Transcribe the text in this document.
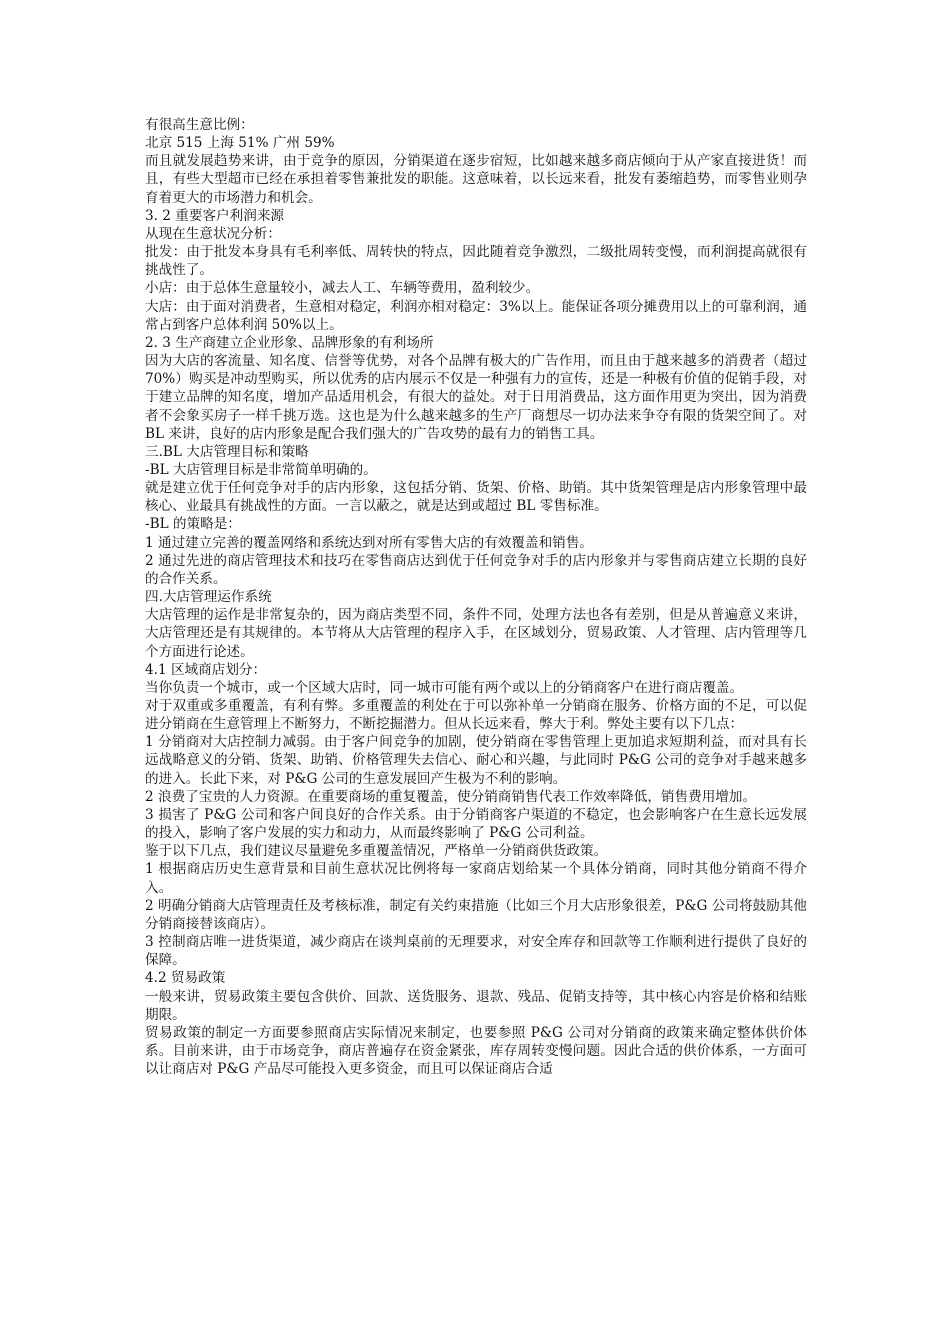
有很高生意比例：

北京 515 上海 51% 广州 59%

而且就发展趋势来讲，由于竞争的原因，分销渠道在逐步宿短，比如越来越多商店倾向于从产家直接进货！而且，有些大型超市已经在承担着零售兼批发的职能。这意味着，以长远来看，批发有萎缩趋势，而零售业则孕育着更大的市场潜力和机会。

3. 2 重要客户利润来源

从现在生意状况分析：

批发：由于批发本身具有毛利率低、周转快的特点，因此随着竞争激烈，二级批周转变慢，而利润提高就很有挑战性了。

小店：由于总体生意量较小，减去人工、车辆等费用，盈利较少。

大店：由于面对消费者，生意相对稳定，利润亦相对稳定：3%以上。能保证各项分摊费用以上的可靠利润，通常占到客户总体利润 50%以上。

2. 3 生产商建立企业形象、品牌形象的有利场所

因为大店的客流量、知名度、信誉等优势，对各个品牌有极大的广告作用，而且由于越来越多的消费者（超过 70%）购买是冲动型购买，所以优秀的店内展示不仅是一种强有力的宣传，还是一种极有价值的促销手段，对于建立品牌的知名度，增加产品适用机会，有很大的益处。对于日用消费品，这方面作用更为突出，因为消费者不会象买房子一样千挑万选。这也是为什么越来越多的生产厂商想尽一切办法来争夺有限的货架空间了。对 BL 来讲，良好的店内形象是配合我们强大的广告攻势的最有力的销售工具。

三.BL 大店管理目标和策略

-BL 大店管理目标是非常简单明确的。

就是建立优于任何竞争对手的店内形象，这包括分销、货架、价格、助销。其中货架管理是店内形象管理中最核心、业最具有挑战性的方面。一言以蔽之，就是达到或超过 BL 零售标准。

-BL 的策略是：

1 通过建立完善的覆盖网络和系统达到对所有零售大店的有效覆盖和销售。

2 通过先进的商店管理技术和技巧在零售商店达到优于任何竞争对手的店内形象并与零售商店建立长期的良好的合作关系。

四.大店管理运作系统

大店管理的运作是非常复杂的，因为商店类型不同，条件不同，处理方法也各有差别，但是从普遍意义来讲，大店管理还是有其规律的。本节将从大店管理的程序入手，在区域划分，贸易政策、人才管理、店内管理等几个方面进行论述。

4.1 区域商店划分：

当你负责一个城市，或一个区域大店时，同一城市可能有两个或以上的分销商客户在进行商店覆盖。

对于双重或多重覆盖，有利有弊。多重覆盖的利处在于可以弥补单一分销商在服务、价格方面的不足，可以促进分销商在生意管理上不断努力，不断挖掘潜力。但从长远来看，弊大于利。弊处主要有以下几点：

1 分销商对大店控制力减弱。由于客户间竞争的加剧，使分销商在零售管理上更加追求短期利益，而对具有长远战略意义的分销、货架、助销、价格管理失去信心、耐心和兴趣，与此同时 P&G 公司的竞争对手越来越多的进入。长此下来，对 P&G 公司的生意发展回产生极为不利的影响。

2 浪费了宝贵的人力资源。在重要商场的重复覆盖，使分销商销售代表工作效率降低，销售费用增加。

3 损害了 P&G 公司和客户间良好的合作关系。由于分销商客户渠道的不稳定，也会影响客户在生意长远发展的投入，影响了客户发展的实力和动力，从而最终影响了 P&G 公司利益。

鉴于以下几点，我们建议尽量避免多重覆盖情况，严格单一分销商供货政策。

1 根据商店历史生意背景和目前生意状况比例将每一家商店划给某一个具体分销商，同时其他分销商不得介入。

2 明确分销商大店管理责任及考核标准，制定有关约束措施（比如三个月大店形象很差，P&G 公司将鼓励其他分销商接替该商店）。

3 控制商店唯一进货渠道，减少商店在谈判桌前的无理要求，对安全库存和回款等工作顺利进行提供了良好的保障。

4.2 贸易政策

一般来讲，贸易政策主要包含供价、回款、送货服务、退款、残品、促销支持等，其中核心内容是价格和结账期限。

贸易政策的制定一方面要参照商店实际情况来制定，也要参照 P&G 公司对分销商的政策来确定整体供价体系。目前来讲，由于市场竞争，商店普遍存在资金紧张，库存周转变慢问题。因此合适的供价体系，一方面可以让商店对 P&G 产品尽可能投入更多资金，而且可以保证商店合适
